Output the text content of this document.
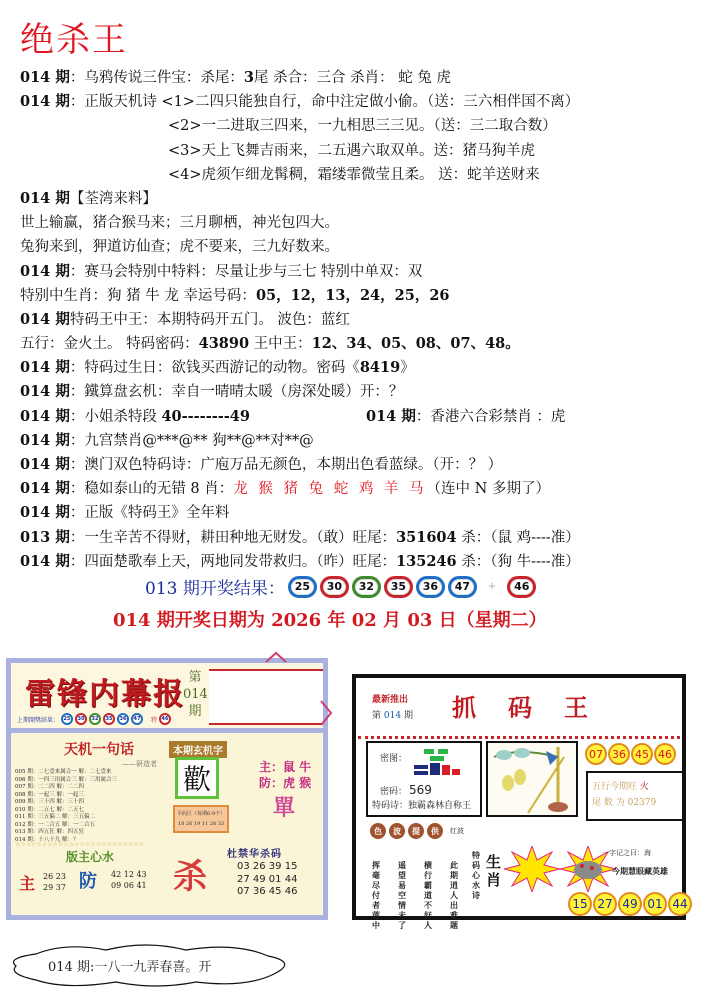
绝杀王
014 期：乌鸦传说三件宝：杀尾：3尾 杀合：三合 杀肖： 蛇 兔 虎
014 期：正版天机诗 <1>二四只能独自行，命中注定做小偷。（送：三六相伴国不离）
<2>一二进取三四来，一九相思三三见。（送：三二取合数）
<3>天上飞舞吉雨来，二五遇六取双单。送：猪马狗羊虎
<4>虎须乍细龙髯稠，霜缕霏微莹且柔。 送：蛇羊送财来
014 期【荃湾来料】
世上输赢，猪合猴马来；三月聊栖，神光包四大。
兔狗来到，狎道访仙查；虎不要来，三九好数来。
014 期：赛马会特别中特料：尽量让步与三七 特别中单双：双
特别中生肖：狗 猪 牛 龙 幸运号码：05，12，13，24，25，26
014 期特码王中王：本期特码开五门。 波色：蓝红
五行：金火土。 特码密码：43890 王中王：12、34、05、08、07、48。
014 期：特码过生日：欲钱买西游记的动物。密码《8419》
014 期：鐵算盘玄机：幸自一晴晴太暖（房深处暖）开：？
014 期：小姐杀特段 40--------49	014 期：香港六合彩禁肖 ：虎
014 期：九宫禁肖@***@** 狗**@**对**@
014 期：澳门双色特码诗：广庖万品无颜色，本期出色看蓝绿。（开：？ ）
014 期：稳如泰山的无错 8 肖：龙 猴 猪 兔 蛇 鸡 羊 马（连中 N 多期了）
014 期：正版《特码王》全年料
013 期：一生辛苦不得财，耕田种地无财发。（敢）旺尾：351604 杀：（鼠 鸡----准）
014 期：四面楚歌奉上天，两地同发带救归。（昨）旺尾：135246 杀：（狗 牛----准）
013 期开奖结果： 25	30	32	35	36	47	+	46
014 期开奖日期为 2026 年 02 月 03 日（星期二）
雷锋内幕报 第
014
期
上期開獎結果： 25	30	32	35	36	47	特 46
天机一句话
——研造者
005 期：二七壹来属合一 解：二七壹来
006 期：一四三用属合三 解：三用属合三
007 期：二二四 解：二二四
008 期：一起三 解：一起三
009 期：三十四 解：三十四
010 期：二五七 解：二五七
011 期：三五偏二 解：三五偏二
012 期：一二合五 解：一二合五
013 期：四五狂 解：四五狂
014 期：十八十九 解：？
本期玄机字
歡	主：鼠 牛
防：虎 猴
平码区（每期6-9个）
18 26 19 11 28 33
單
☆☆☆☆☆☆☆☆☆☆☆☆☆☆☆☆☆☆☆☆☆☆☆☆
版主心水
主 26 23
29 37 防 42 12 43
09 06 41 杀
杜禁华杀码
03 26 39 15
27 49 01 44
07 36 45 46
最新推出
第 014 期 抓码王
密图：
密码： 569
特码诗：独霸森林自称王
07 36 45 46
五行今期旺 火
尾 数 为 02379
色	波	提	供	红波
特码心水诗
此期逍人出难题
横行霸道不好人
遥望易空情未了
挥毫尽付者莲中
生肖
一字记之曰：海
今期慧眼藏英雄
15 27 49 01 44
014 期:一八一九弄春喜。开
